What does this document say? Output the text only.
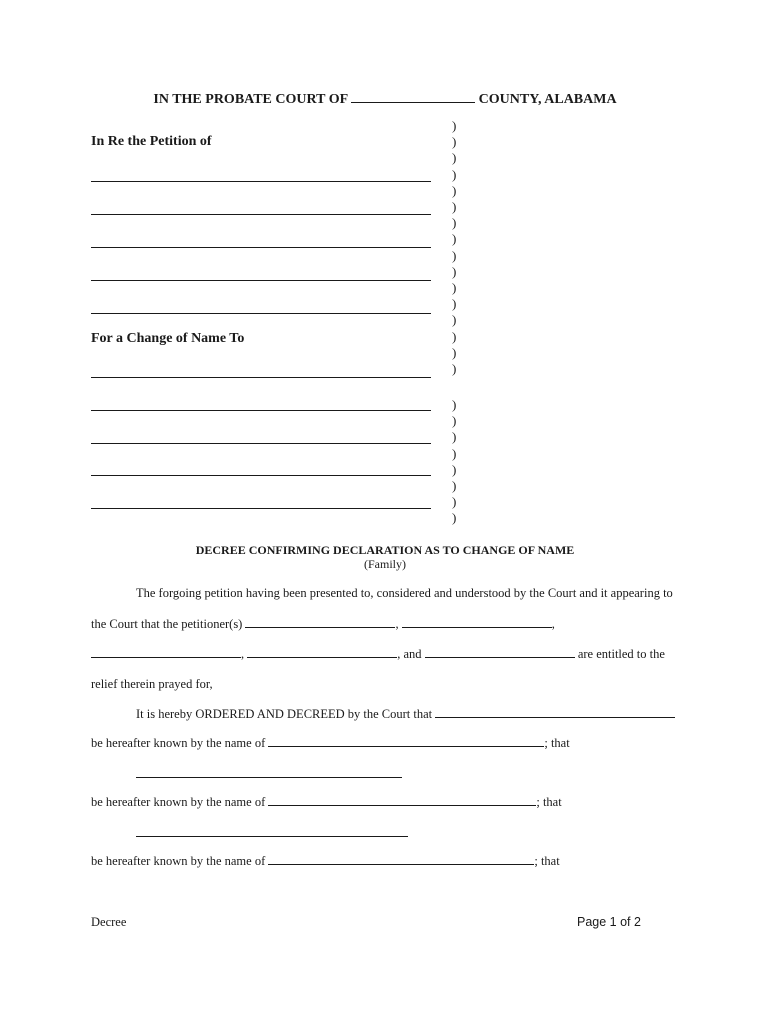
IN THE PROBATE COURT OF	COUNTY, ALABAMA
In Re the Petition of
For a Change of Name To
)
)
)
)
)
)
)
)
)
)
)
)
)
)
)
)
)
)
)
)
)
)
)
)
DECREE CONFIRMING DECLARATION AS TO CHANGE OF NAME
(Family)
The forgoing petition having been presented to, considered and understood by the Court and it appearing to
the Court that the petitioner(s)	,	,
,	, and	are entitled to the
relief therein prayed for,
It is hereby ORDERED AND DECREED by the Court that
be hereafter known by the name of	; that
be hereafter known by the name of	; that
be hereafter known by the name of	; that
Decree	Page 1 of 2
